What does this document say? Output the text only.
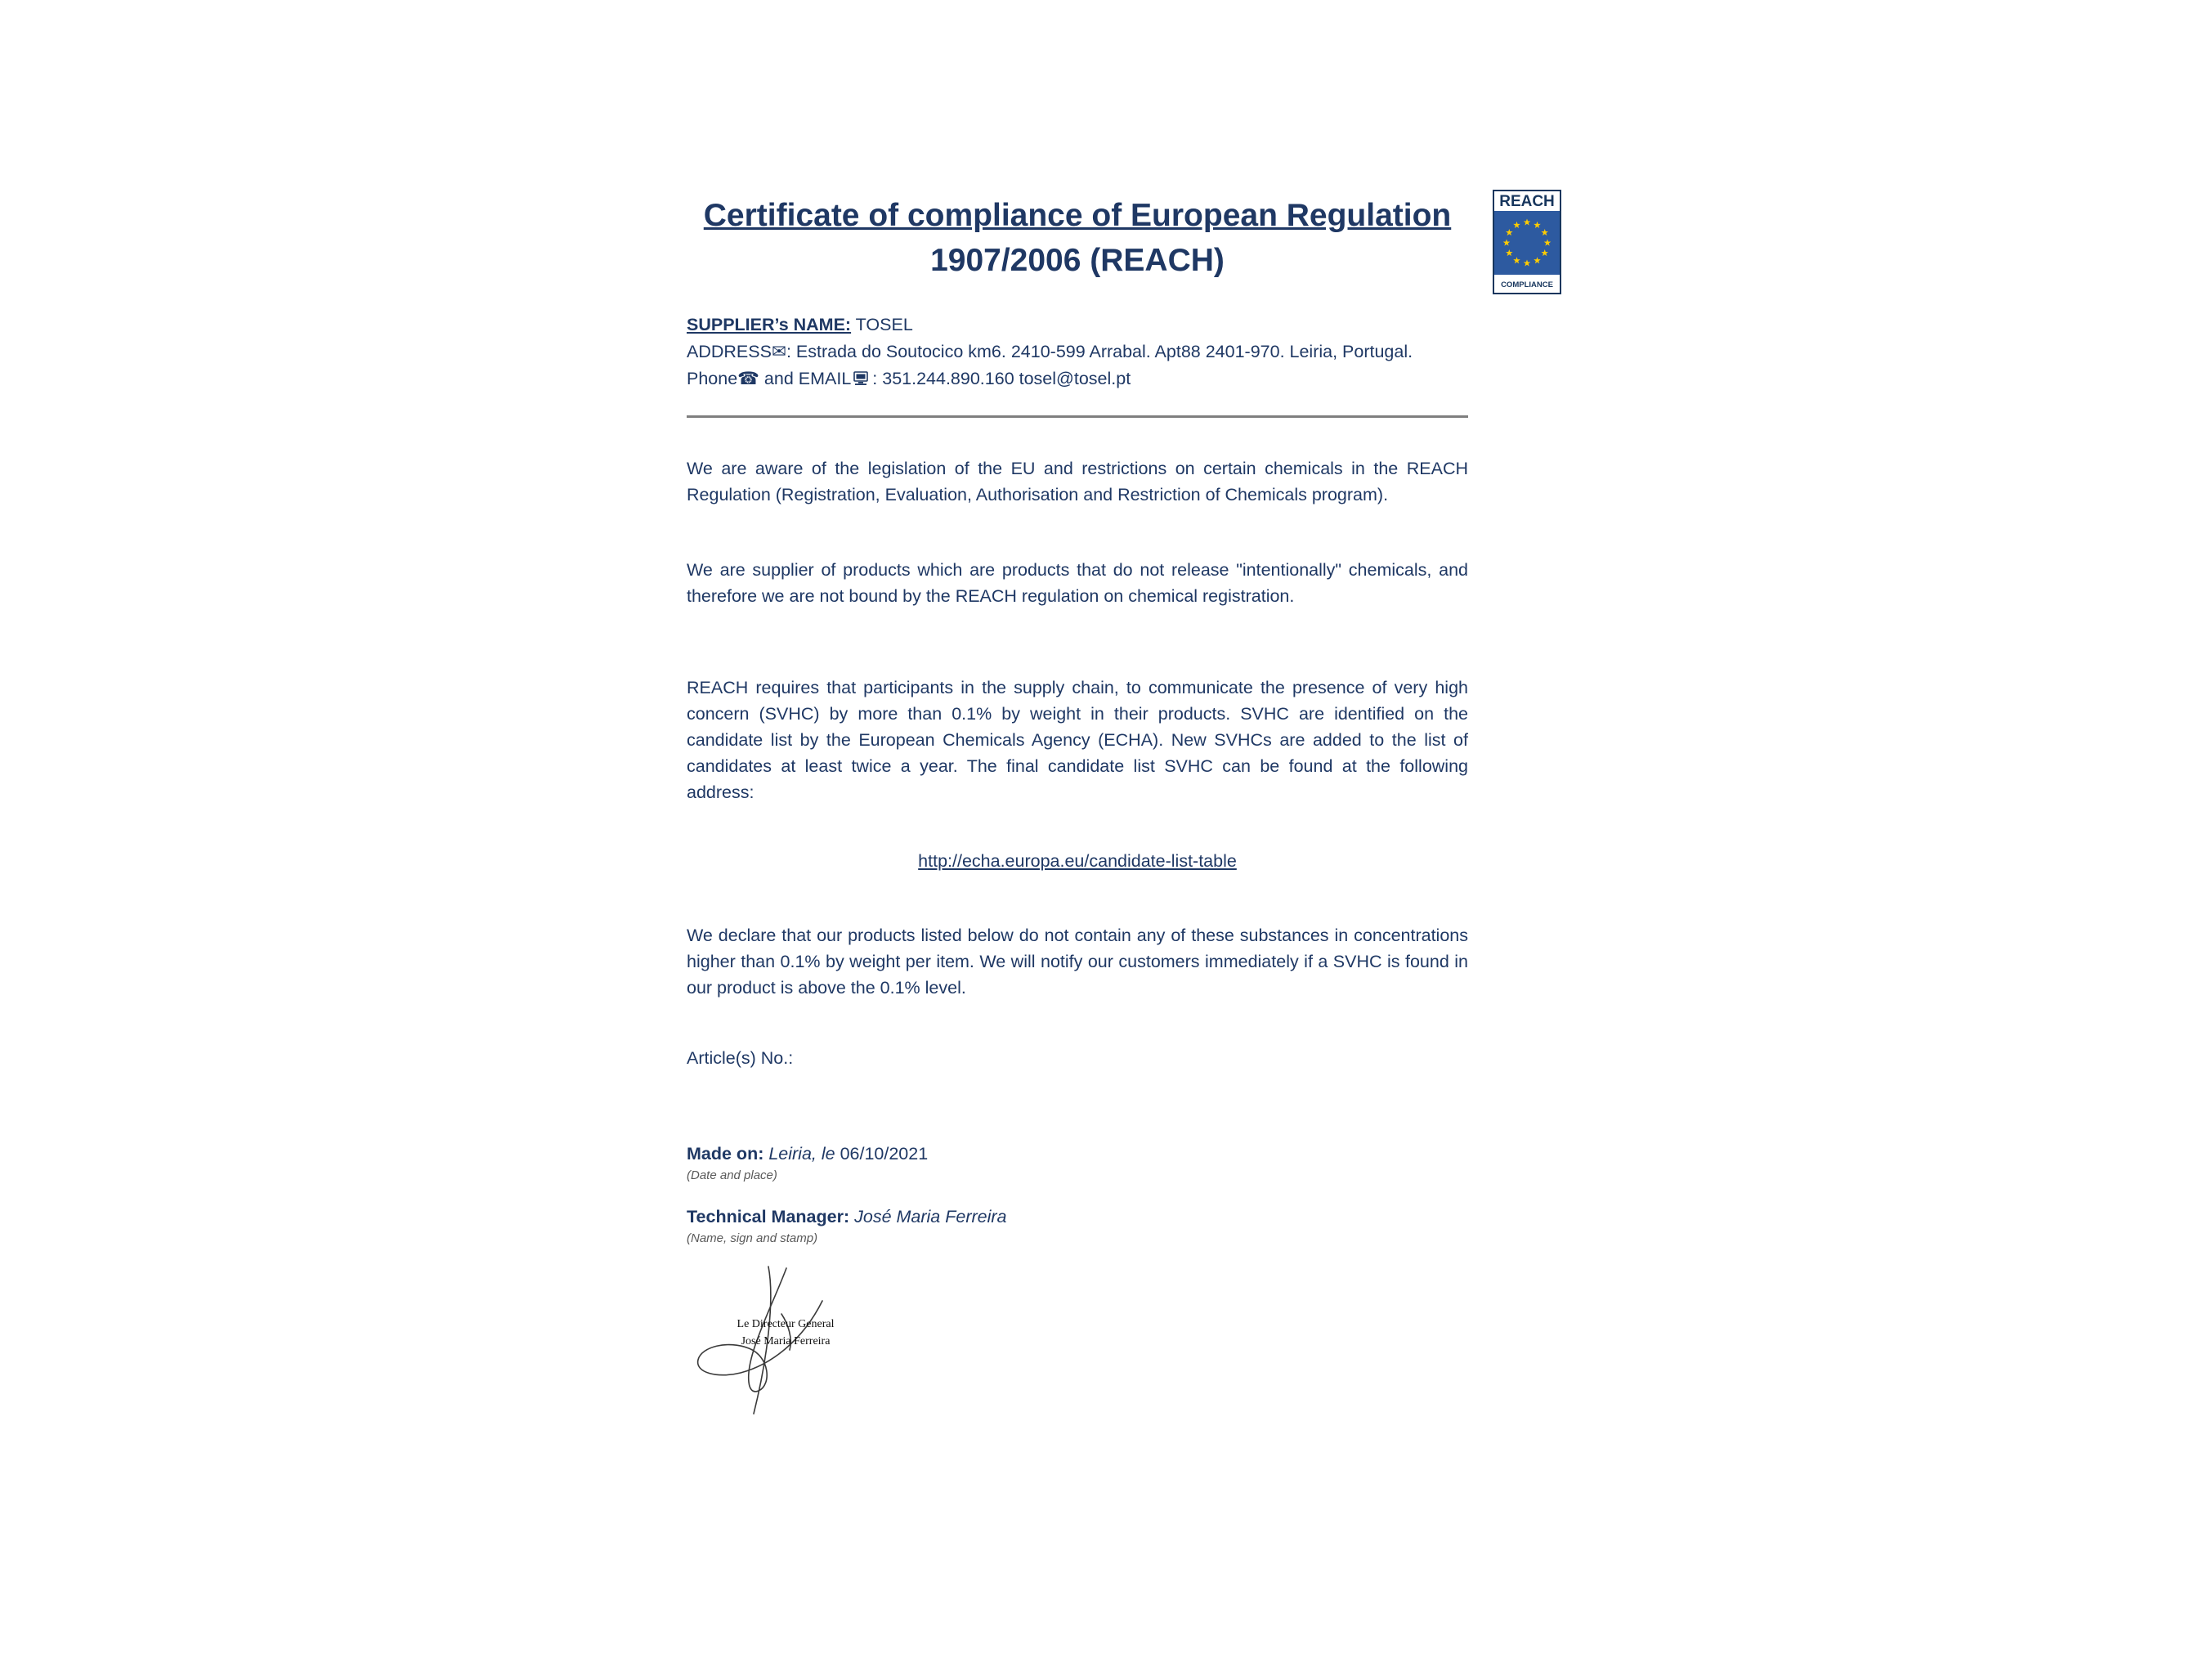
REACH
COMPLIANCE
Certificate of compliance of European Regulation
1907/2006 (REACH)

SUPPLIER’s NAME: TOSEL

ADDRESS✉: Estrada do Soutocico km6. 2410-599 Arrabal. Apt88 2401-970. Leiria, Portugal.

Phone☎ and EMAIL : 351.244.890.160 tosel@tosel.pt

We are aware of the legislation of the EU and restrictions on certain chemicals in the REACH Regulation (Registration, Evaluation, Authorisation and Restriction of Chemicals program).

We are supplier of products which are products that do not release "intentionally" chemicals, and therefore we are not bound by the REACH regulation on chemical registration.

REACH requires that participants in the supply chain, to communicate the presence of very high concern (SVHC) by more than 0.1% by weight in their products. SVHC are identified on the candidate list by the European Chemicals Agency (ECHA). New SVHCs are added to the list of candidates at least twice a year. The final candidate list SVHC can be found at the following address:

http://echa.europa.eu/candidate-list-table

We declare that our products listed below do not contain any of these substances in concentrations higher than 0.1% by weight per item. We will notify our customers immediately if a SVHC is found in our product is above the 0.1% level.

Article(s) No.:

Made on: Leiria, le 06/10/2021

(Date and place)

Technical Manager: José Maria Ferreira

(Name, sign and stamp)

Le Directeur General
José Maria Ferreira
